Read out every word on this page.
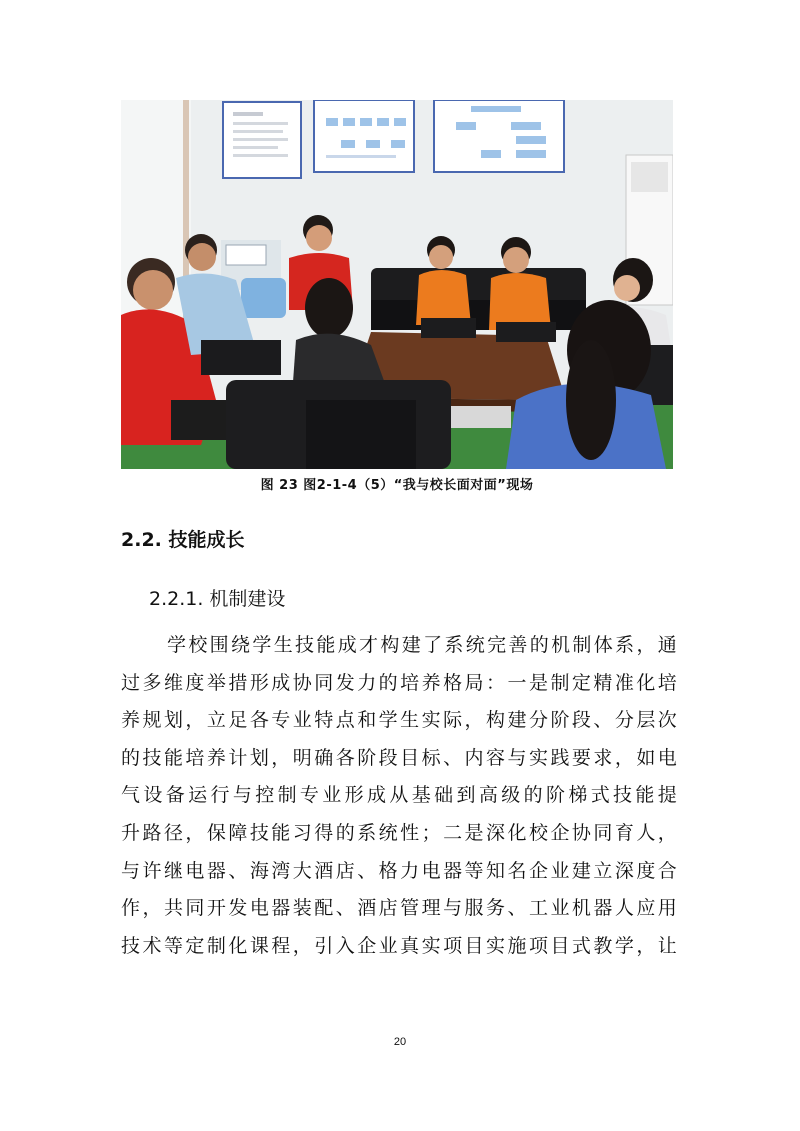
图 23 图2-1-4（5）“我与校长面对面”现场
2.2. 技能成长
2.2.1. 机制建设

学校围绕学生技能成才构建了系统完善的机制体系，通
过多维度举措形成协同发力的培养格局：一是制定精准化培
养规划，立足各专业特点和学生实际，构建分阶段、分层次
的技能培养计划，明确各阶段目标、内容与实践要求，如电
气设备运行与控制专业形成从基础到高级的阶梯式技能提
升路径，保障技能习得的系统性；二是深化校企协同育人，
与许继电器、海湾大酒店、格力电器等知名企业建立深度合
作，共同开发电器装配、酒店管理与服务、工业机器人应用
技术等定制化课程，引入企业真实项目实施项目式教学，让

20
